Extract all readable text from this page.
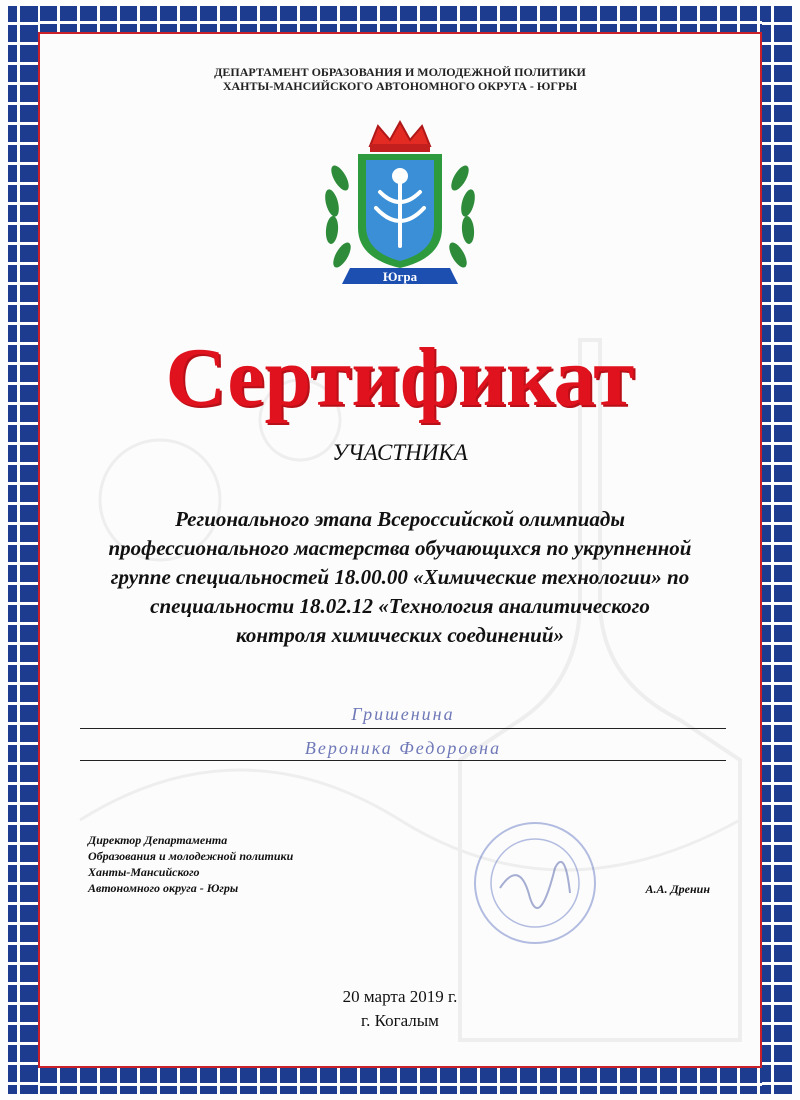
ДЕПАРТАМЕНТ ОБРАЗОВАНИЯ И МОЛОДЕЖНОЙ ПОЛИТИКИ
ХАНТЫ-МАНСИЙСКОГО АВТОНОМНОГО ОКРУГА - ЮГРЫ
Югра
Сертификат
УЧАСТНИКА
Регионального этапа Всероссийской олимпиады
профессионального мастерства обучающихся по укрупненной
группе специальностей 18.00.00 «Химические технологии» по
специальности 18.02.12 «Технология аналитического
контроля химических соединений»
Гришенина
Вероника Федоровна
Директор Департамента
Образования и молодежной политики
Ханты-Мансийского
Автономного округа - Югры	А.А. Дренин
20 марта 2019 г.
г. Когалым
